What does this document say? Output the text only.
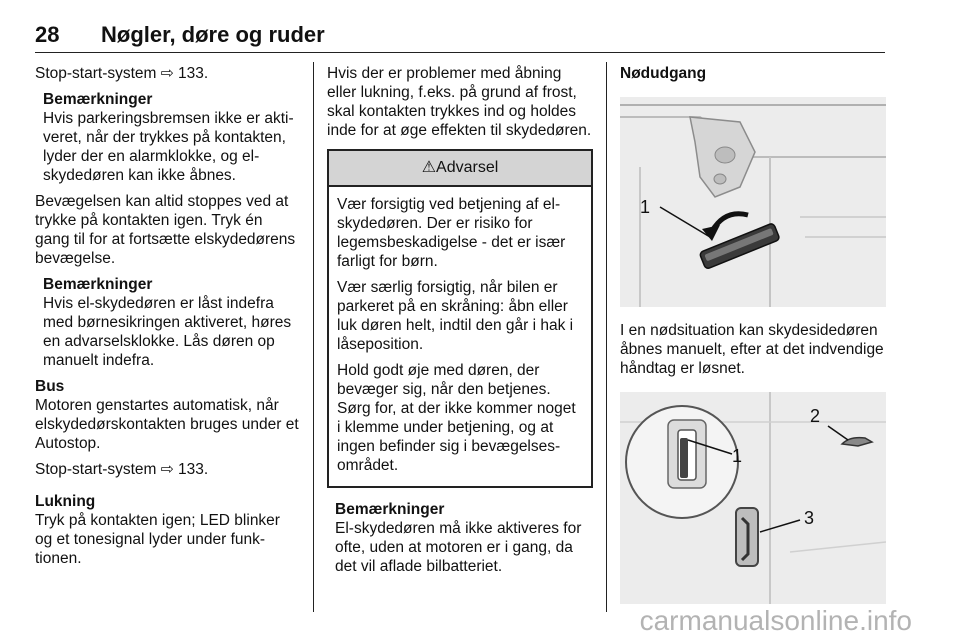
28 Nøgler, døre og ruder

Stop-start-system ⇨ 133.

Bemærkninger
Hvis parkeringsbremsen ikke er aktiveret, når der trykkes på kontakten, lyder der en alarmklokke, og el-skydedøren kan ikke åbnes.

Bevægelsen kan altid stoppes ved at trykke på kontakten igen. Tryk én gang til for at fortsætte elskydedørens bevægelse.

Bemærkninger
Hvis el-skydedøren er låst indefra med børnesikringen aktiveret, høres en advarselsklokke. Lås døren op manuelt indefra.
Bus

Motoren genstartes automatisk, når elskydedørskontakten bruges under et Autostop.

Stop-start-system ⇨ 133.

Lukning

Tryk på kontakten igen; LED blinker og et tonesignal lyder under funktionen.

Hvis der er problemer med åbning eller lukning, f.eks. på grund af frost, skal kontakten trykkes ind og holdes inde for at øge effekten til skydedøren.

⚠Advarsel

Vær forsigtig ved betjening af el-skydedøren. Der er risiko for legemsbeskadigelse - det er især farligt for børn.

Vær særlig forsigtig, når bilen er parkeret på en skråning: åbn eller luk døren helt, indtil den går i hak i låseposition.

Hold godt øje med døren, der bevæger sig, når den betjenes. Sørg for, at der ikke kommer noget i klemme under betjening, og at ingen befinder sig i bevægelsesområdet.

Bemærkninger
El-skydedøren må ikke aktiveres for ofte, uden at motoren er i gang, da det vil aflade bilbatteriet.
Nødudgang
1

I en nødsituation kan skydesidedøren åbnes manuelt, efter at det indvendige håndtag er løsnet.

1
2
3
carmanualsonline.info
